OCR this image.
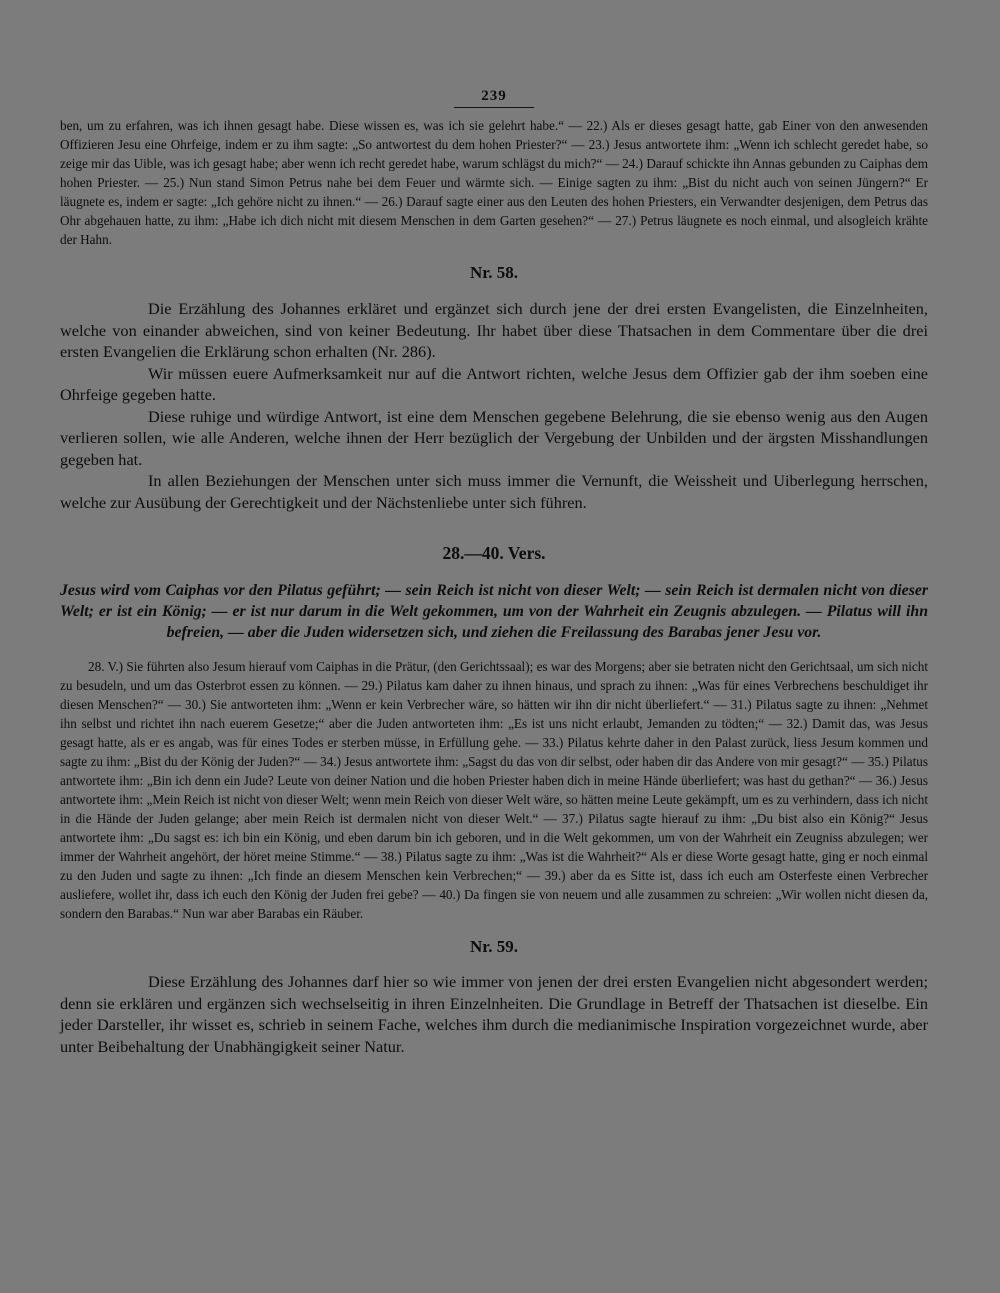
239

ben, um zu erfahren, was ich ihnen gesagt habe. Diese wissen es, was ich sie gelehrt habe.“ — 22.) Als er dieses gesagt hatte, gab Einer von den anwesenden Offizieren Jesu eine Ohrfeige, indem er zu ihm sagte: „So antwortest du dem hohen Priester?“ — 23.) Jesus antwortete ihm: „Wenn ich schlecht geredet habe, so zeige mir das Uible, was ich gesagt habe; aber wenn ich recht geredet habe, warum schlägst du mich?“ — 24.) Darauf schickte ihn Annas gebunden zu Caiphas dem hohen Priester. — 25.) Nun stand Simon Petrus nahe bei dem Feuer und wärmte sich. — Einige sagten zu ihm: „Bist du nicht auch von seinen Jüngern?“ Er läugnete es, indem er sagte: „Ich gehöre nicht zu ihnen.“ — 26.) Darauf sagte einer aus den Leuten des hohen Priesters, ein Verwandter desjenigen, dem Petrus das Ohr abgehauen hatte, zu ihm: „Habe ich dich nicht mit diesem Menschen in dem Garten gesehen?“ — 27.) Petrus läugnete es noch einmal, und alsogleich krähte der Hahn.

Nr. 58.

Die Erzählung des Johannes erkläret und ergänzet sich durch jene der drei ersten Evangelisten, die Einzelnheiten, welche von einander abweichen, sind von keiner Bedeutung. Ihr habet über diese Thatsachen in dem Commentare über die drei ersten Evangelien die Erklärung schon erhalten (Nr. 286).

Wir müssen euere Aufmerksamkeit nur auf die Antwort richten, welche Jesus dem Offizier gab der ihm soeben eine Ohrfeige gegeben hatte.

Diese ruhige und würdige Antwort, ist eine dem Menschen gegebene Belehrung, die sie ebenso wenig aus den Augen verlieren sollen, wie alle Anderen, welche ihnen der Herr bezüglich der Vergebung der Unbilden und der ärgsten Misshandlungen gegeben hat.

In allen Beziehungen der Menschen unter sich muss immer die Vernunft, die Weissheit und Uiberlegung herrschen, welche zur Ausübung der Gerechtigkeit und der Nächstenliebe unter sich führen.

28.—40. Vers.

Jesus wird vom Caiphas vor den Pilatus geführt; — sein Reich ist nicht von dieser Welt; — sein Reich ist dermalen nicht von dieser Welt; er ist ein König; — er ist nur darum in die Welt gekommen, um von der Wahrheit ein Zeugnis abzulegen. — Pilatus will ihn befreien, — aber die Juden widersetzen sich, und ziehen die Freilassung des Barabas jener Jesu vor.

28. V.) Sie führten also Jesum hierauf vom Caiphas in die Prätur, (den Gerichtssaal); es war des Morgens; aber sie betraten nicht den Gerichtsaal, um sich nicht zu besudeln, und um das Osterbrot essen zu können. — 29.) Pilatus kam daher zu ihnen hinaus, und sprach zu ihnen: „Was für eines Verbrechens beschuldiget ihr diesen Menschen?“ — 30.) Sie antworteten ihm: „Wenn er kein Verbrecher wäre, so hätten wir ihn dir nicht überliefert.“ — 31.) Pilatus sagte zu ihnen: „Nehmet ihn selbst und richtet ihn nach euerem Gesetze;“ aber die Juden antworteten ihm: „Es ist uns nicht erlaubt, Jemanden zu tödten;“ — 32.) Damit das, was Jesus gesagt hatte, als er es angab, was für eines Todes er sterben müsse, in Erfüllung gehe. — 33.) Pilatus kehrte daher in den Palast zurück, liess Jesum kommen und sagte zu ihm: „Bist du der König der Juden?“ — 34.) Jesus antwortete ihm: „Sagst du das von dir selbst, oder haben dir das Andere von mir gesagt?“ — 35.) Pilatus antwortete ihm: „Bin ich denn ein Jude? Leute von deiner Nation und die hoben Priester haben dich in meine Hände überliefert; was hast du gethan?“ — 36.) Jesus antwortete ihm: „Mein Reich ist nicht von dieser Welt; wenn mein Reich von dieser Welt wäre, so hätten meine Leute gekämpft, um es zu verhindern, dass ich nicht in die Hände der Juden gelange; aber mein Reich ist dermalen nicht von dieser Welt.“ — 37.) Pilatus sagte hierauf zu ihm: „Du bist also ein König?“ Jesus antwortete ihm: „Du sagst es: ich bin ein König, und eben darum bin ich geboren, und in die Welt gekommen, um von der Wahrheit ein Zeugniss abzulegen; wer immer der Wahrheit angehört, der höret meine Stimme.“ — 38.) Pilatus sagte zu ihm: „Was ist die Wahrheit?“ Als er diese Worte gesagt hatte, ging er noch einmal zu den Juden und sagte zu ihnen: „Ich finde an diesem Menschen kein Verbrechen;“ — 39.) aber da es Sitte ist, dass ich euch am Osterfeste einen Verbrecher ausliefere, wollet ihr, dass ich euch den König der Juden frei gebe? — 40.) Da fingen sie von neuem und alle zusammen zu schreien: „Wir wollen nicht diesen da, sondern den Barabas.“ Nun war aber Barabas ein Räuber.

Nr. 59.

Diese Erzählung des Johannes darf hier so wie immer von jenen der drei ersten Evangelien nicht abgesondert werden; denn sie erklären und ergänzen sich wechselseitig in ihren Einzelnheiten. Die Grundlage in Betreff der Thatsachen ist dieselbe. Ein jeder Darsteller, ihr wisset es, schrieb in seinem Fache, welches ihm durch die medianimische Inspiration vorgezeichnet wurde, aber unter Beibehaltung der Unabhängigkeit seiner Natur.
